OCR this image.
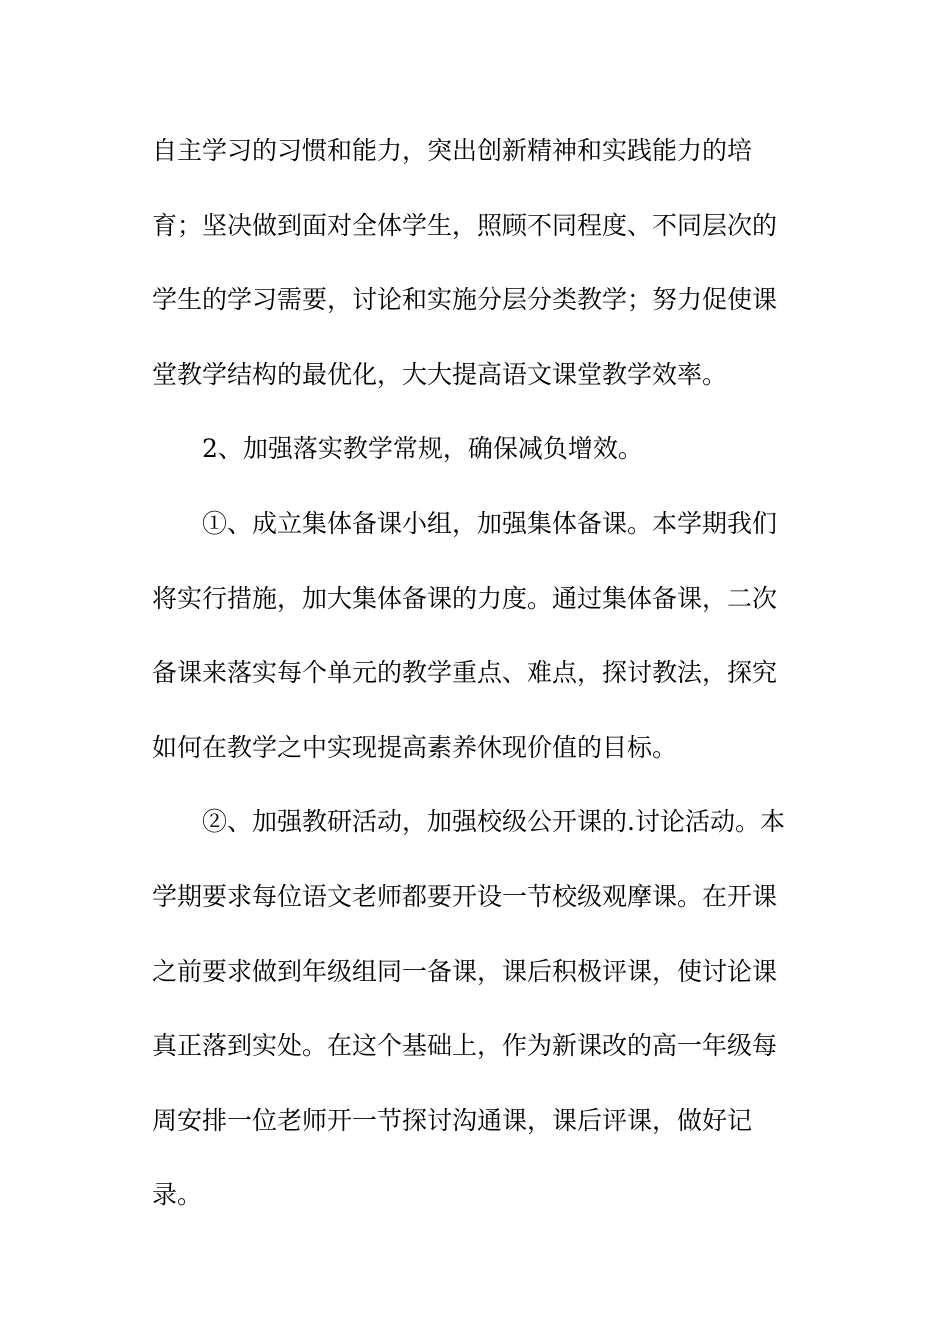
自主学习的习惯和能力，突出创新精神和实践能力的培
育；坚决做到面对全体学生，照顾不同程度、不同层次的
学生的学习需要，讨论和实施分层分类教学；努力促使课
堂教学结构的最优化，大大提高语文课堂教学效率。
2、加强落实教学常规，确保减负增效。
①、成立集体备课小组，加强集体备课。本学期我们
将实行措施，加大集体备课的力度。通过集体备课，二次
备课来落实每个单元的教学重点、难点，探讨教法，探究
如何在教学之中实现提高素养休现价值的目标。
②、加强教研活动，加强校级公开课的.讨论活动。本
学期要求每位语文老师都要开设一节校级观摩课。在开课
之前要求做到年级组同一备课，课后积极评课，使讨论课
真正落到实处。在这个基础上，作为新课改的高一年级每
周安排一位老师开一节探讨沟通课，课后评课，做好记
录。
